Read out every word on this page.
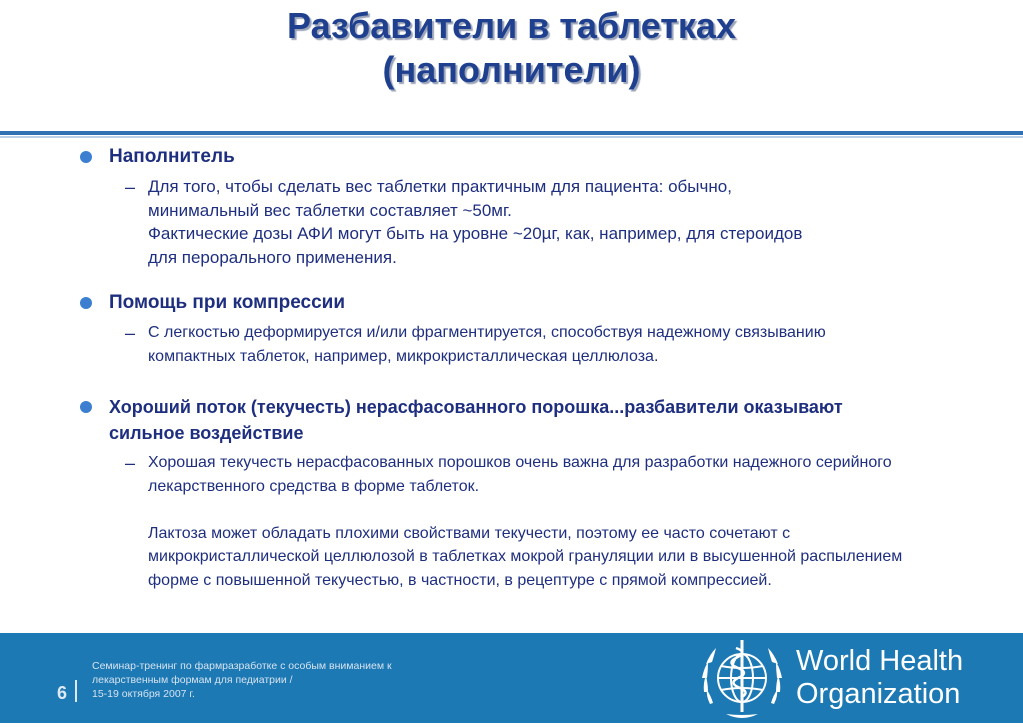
Разбавители в таблетках
(наполнители)
Наполнитель
– Для того, чтобы сделать вес таблетки практичным для пациента: обычно,
минимальный вес таблетки составляет ~50мг.
Фактические дозы АФИ могут быть на уровне ~20µг, как, например, для стероидов
для перорального применения.
Помощь при компрессии
– С легкостью деформируется и/или фрагментируется, способствуя надежному связыванию
компактных таблеток, например, микрокристаллическая целлюлоза.
Хороший поток (текучесть) нерасфасованного порошка...разбавители оказывают
сильное воздействие
– Хорошая текучесть нерасфасованных порошков очень важна для разработки надежного серийного
лекарственного средства в форме таблеток.
Лактоза может обладать плохими свойствами текучести, поэтому ее часто сочетают с
микрокристаллической целлюлозой в таблетках мокрой грануляции или в высушенной распылением
форме с повышенной текучестью, в частности, в рецептуре с прямой компрессией.
6
Семинар-тренинг по фармразработке с особым вниманием к
лекарственным формам для педиатрии /
15-19 октября 2007 г.
World Health
Organization
